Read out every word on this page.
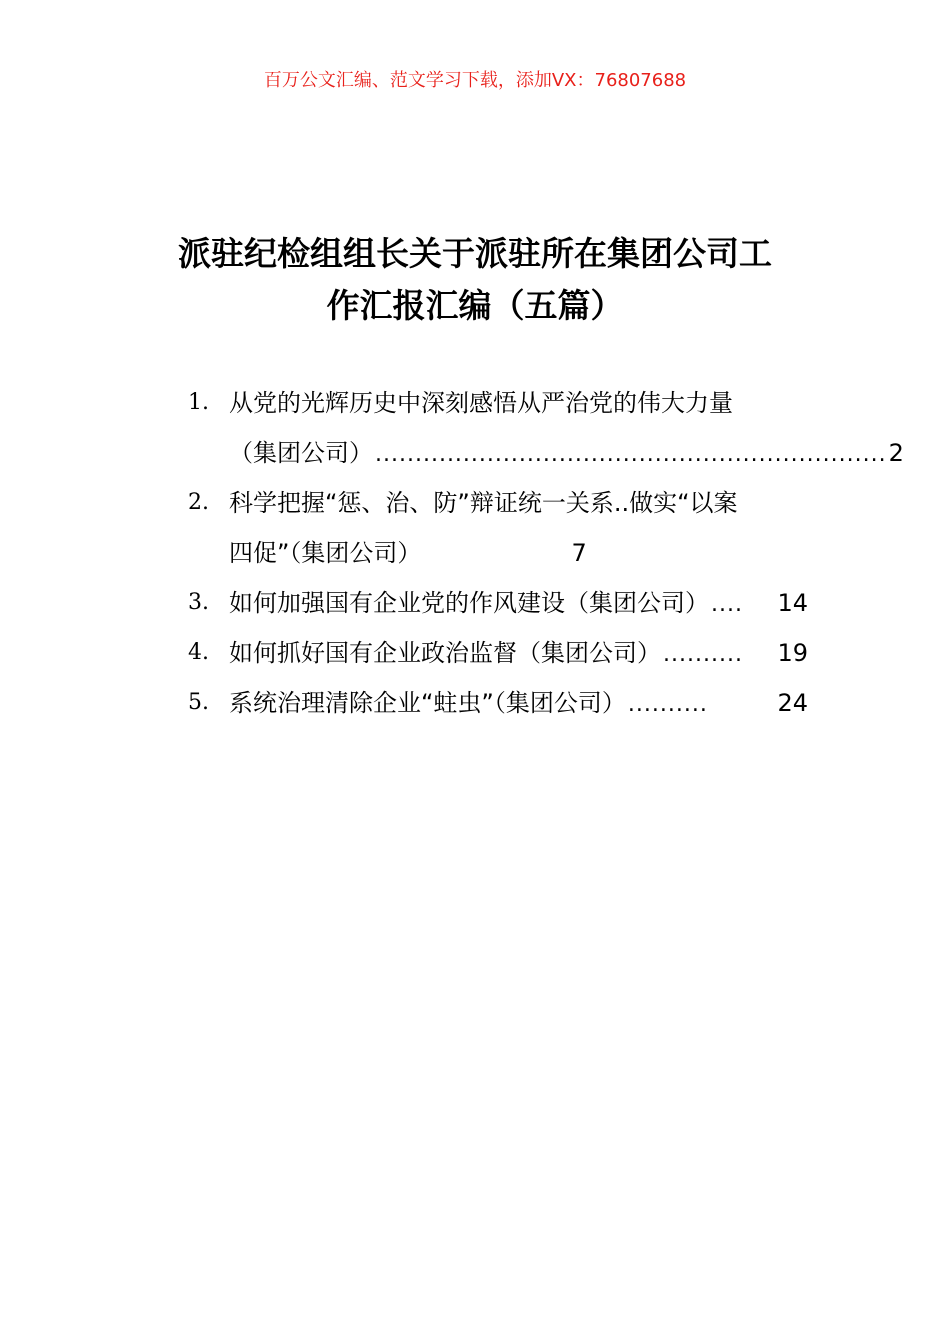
百万公文汇编、范文学习下载，添加VX：76807688
派驻纪检组组长关于派驻所在集团公司工
作汇报汇编（五篇）
1. 从党的光辉历史中深刻感悟从严治党的伟大力量
（集团公司） ................................................................ 2
2. 科学把握“惩、治、防”辩证统一关系..做实“以案
四促”（集团公司）	7
3. 如何加强国有企业党的作风建设（集团公司） ....	14
4. 如何抓好国有企业政治监督（集团公司） ..........	19
5. 系统治理清除企业“蛀虫”（集团公司） ..........	24
